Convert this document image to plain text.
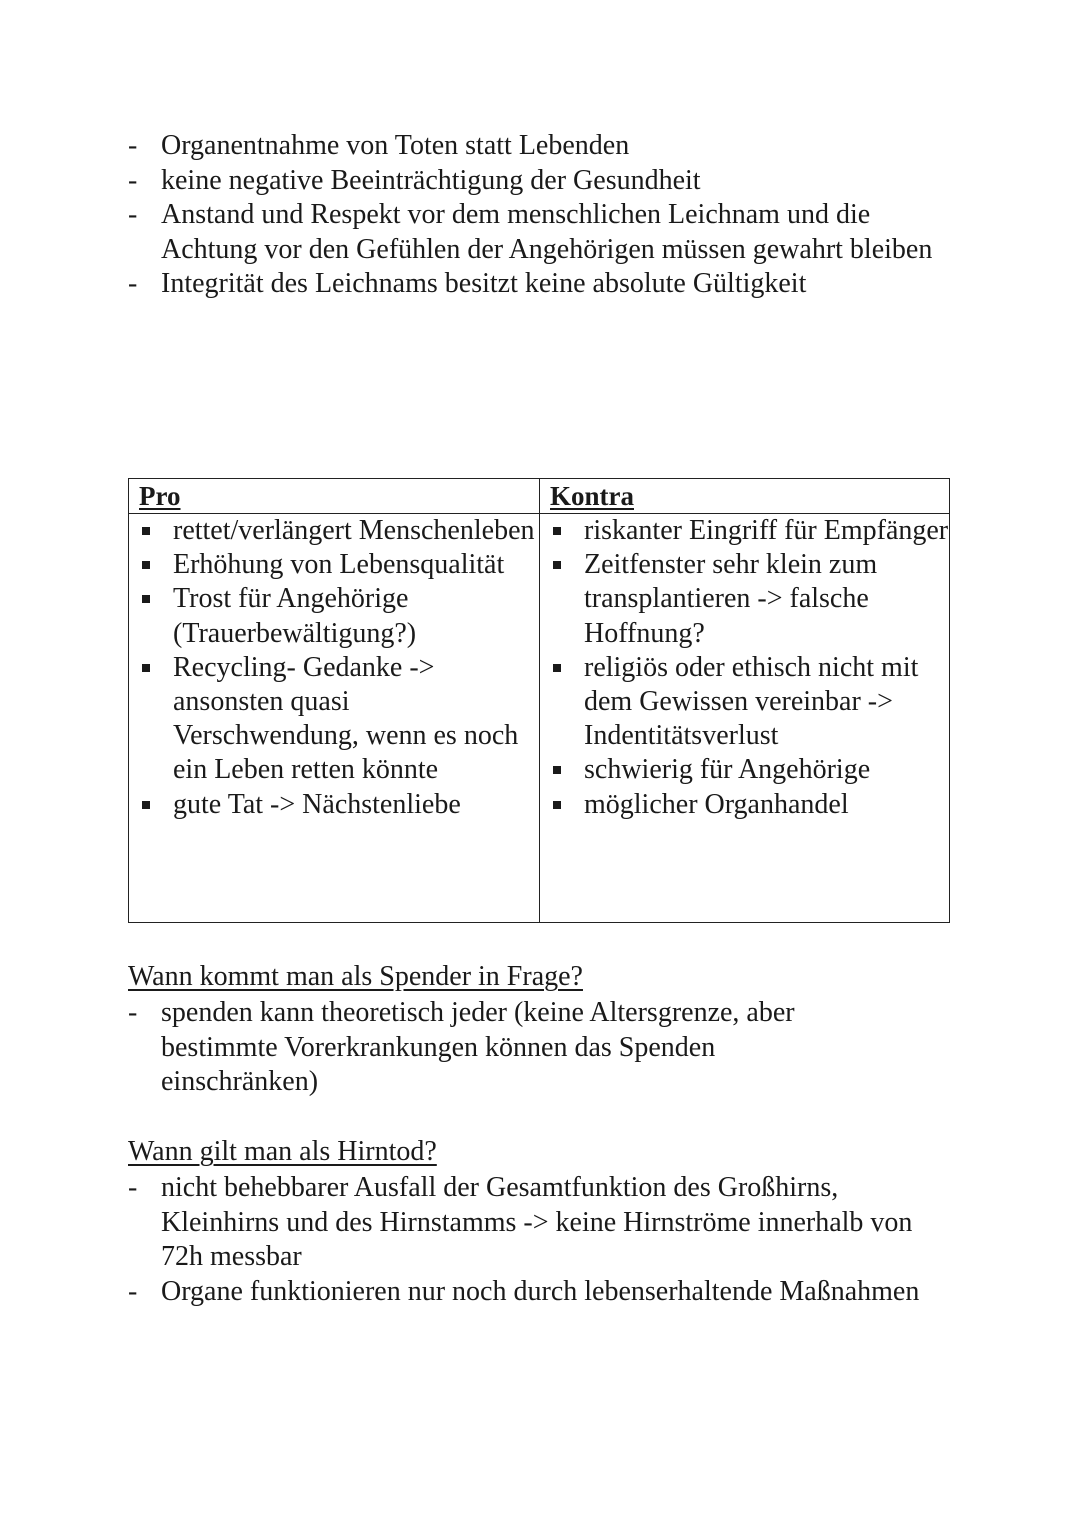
- Organentnahme von Toten statt Lebenden
- keine negative Beeinträchtigung der Gesundheit
- Anstand und Respekt vor dem menschlichen Leichnam und die Achtung vor den Gefühlen der Angehörigen müssen gewahrt bleiben
- Integrität des Leichnams besitzt keine absolute Gültigkeit
Pro
rettet/verlängert Menschenleben
Erhöhung von Lebensqualität
Trost für Angehörige (Trauerbewältigung?)
Recycling- Gedanke -> ansonsten quasi Verschwendung, wenn es noch ein Leben retten könnte
gute Tat -> Nächstenliebe
Kontra
riskanter Eingriff für Empfänger
Zeitfenster sehr klein zum transplantieren -> falsche Hoffnung?
religiös oder ethisch nicht mit dem Gewissen vereinbar -> Indentitätsverlust
schwierig für Angehörige
möglicher Organhandel
Wann kommt man als Spender in Frage?
- spenden kann theoretisch jeder (keine Altersgrenze, aber bestimmte Vorerkrankungen können das Spenden einschränken)
Wann gilt man als Hirntod?
- nicht behebbarer Ausfall der Gesamtfunktion des Großhirns, Kleinhirns und des Hirnstamms -> keine Hirnströme innerhalb von 72h messbar
- Organe funktionieren nur noch durch lebenserhaltende Maßnahmen
